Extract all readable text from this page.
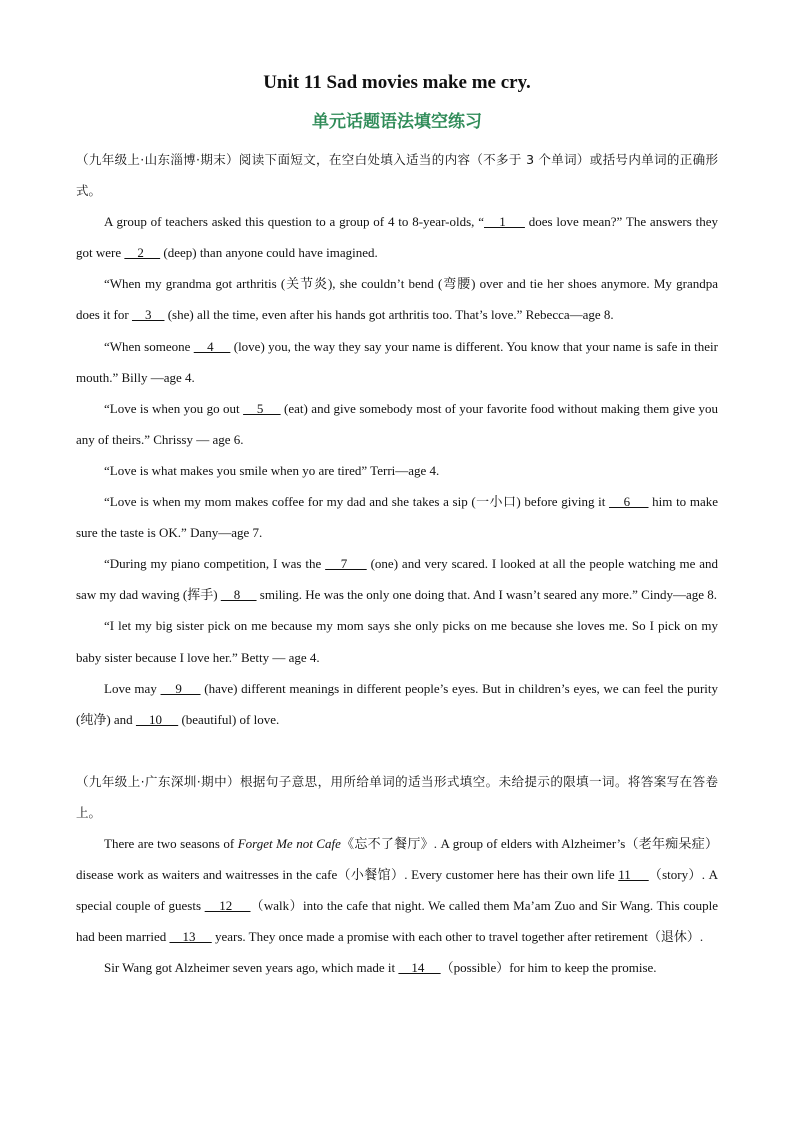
Unit 11 Sad movies make me cry.
单元话题语法填空练习

（九年级上·山东淄博·期末）阅读下面短文，在空白处填入适当的内容（不多于 3 个单词）或括号内单词的正确形式。

A group of teachers asked this question to a group of 4 to 8-year-olds, “    1      does love mean?” The answers they got were     2      (deep) than anyone could have imagined.

“When my grandma got arthritis (关节炎), she couldn’t bend (弯腰) over and tie her shoes anymore. My grandpa does it for     3     (she) all the time, even after his hands got arthritis too. That’s love.” Rebecca—age 8.

“When someone     4      (love) you, the way they say your name is different. You know that your name is safe in their mouth.” Billy —age 4.

“Love is when you go out     5      (eat) and give somebody most of your favorite food without making them give you any of theirs.” Chrissy — age 6.

“Love is what makes you smile when yo are tired” Terri—age 4.

“Love is when my mom makes coffee for my dad and she takes a sip (一小口) before giving it     6      him to make sure the taste is OK.” Dany—age 7.

“During my piano competition, I was the     7      (one) and very scared. I looked at all the people watching me and saw my dad waving (挥手)     8      smiling. He was the only one doing that. And I wasn’t seared any more.” Cindy—age 8.

“I let my big sister pick on me because my mom says she only picks on me because she loves me. So I pick on my baby sister because I love her.” Betty — age 4.

Love may     9      (have) different meanings in different people’s eyes. But in children’s eyes, we can feel the purity (纯净) and     10      (beautiful) of love.

（九年级上·广东深圳·期中）根据句子意思，用所给单词的适当形式填空。未给提示的限填一词。将答案写在答卷上。

There are two seasons of Forget Me not Cafe《忘不了餐厅》. A group of elders with Alzheimer’s（老年痴呆症）disease work as waiters and waitresses in the cafe（小餐馆）. Every customer here has their own life 11     （story）. A special couple of guests     12     （walk）into the cafe that night. We called them Ma’am Zuo and Sir Wang. This couple had been married     13      years. They once made a promise with each other to travel together after retirement（退休）.

Sir Wang got Alzheimer seven years ago, which made it     14     （possible）for him to keep the promise.
